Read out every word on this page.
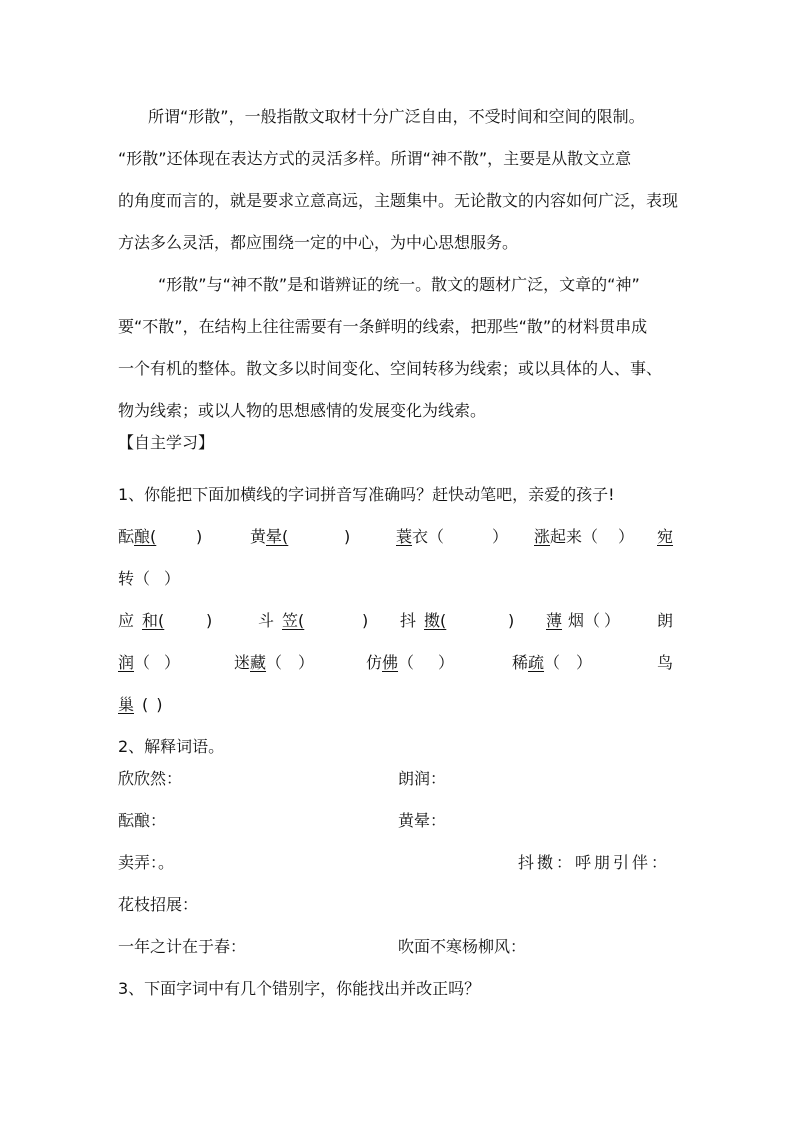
所谓“形散”，一般指散文取材十分广泛自由，不受时间和空间的限制。
“形散”还体现在表达方式的灵活多样。所谓“神不散”，主要是从散文立意
的角度而言的，就是要求立意高远，主题集中。无论散文的内容如何广泛，表现
方法多么灵活，都应围绕一定的中心，为中心思想服务。
“形散”与“神不散”是和谐辨证的统一。散文的题材广泛，文章的“神”
要“不散”，在结构上往往需要有一条鲜明的线索，把那些“散”的材料贯串成
一个有机的整体。散文多以时间变化、空间转移为线索；或以具体的人、事、
物为线索；或以人物的思想感情的发展变化为线索。
【自主学习】
1、你能把下面加横线的字词拼音写准确吗？赶快动笔吧，亲爱的孩子!
酝酿( )	黄晕(	)	蓑衣（	） 涨起来（ ） 宛
转（ ）
应 和(	)	斗 笠(	) 抖 擞(	) 薄 烟（ ） 朗
润（ ）	迷藏（ ）	仿佛（ ）	稀疏（ ）	鸟
巢 ( )
2、解释词语。
欣欣然：	朗润：
酝酿：	黄晕：
卖弄：。	抖擞：呼朋引伴：
花枝招展：
一年之计在于春：	吹面不寒杨柳风：
3、下面字词中有几个错别字，你能找出并改正吗？
